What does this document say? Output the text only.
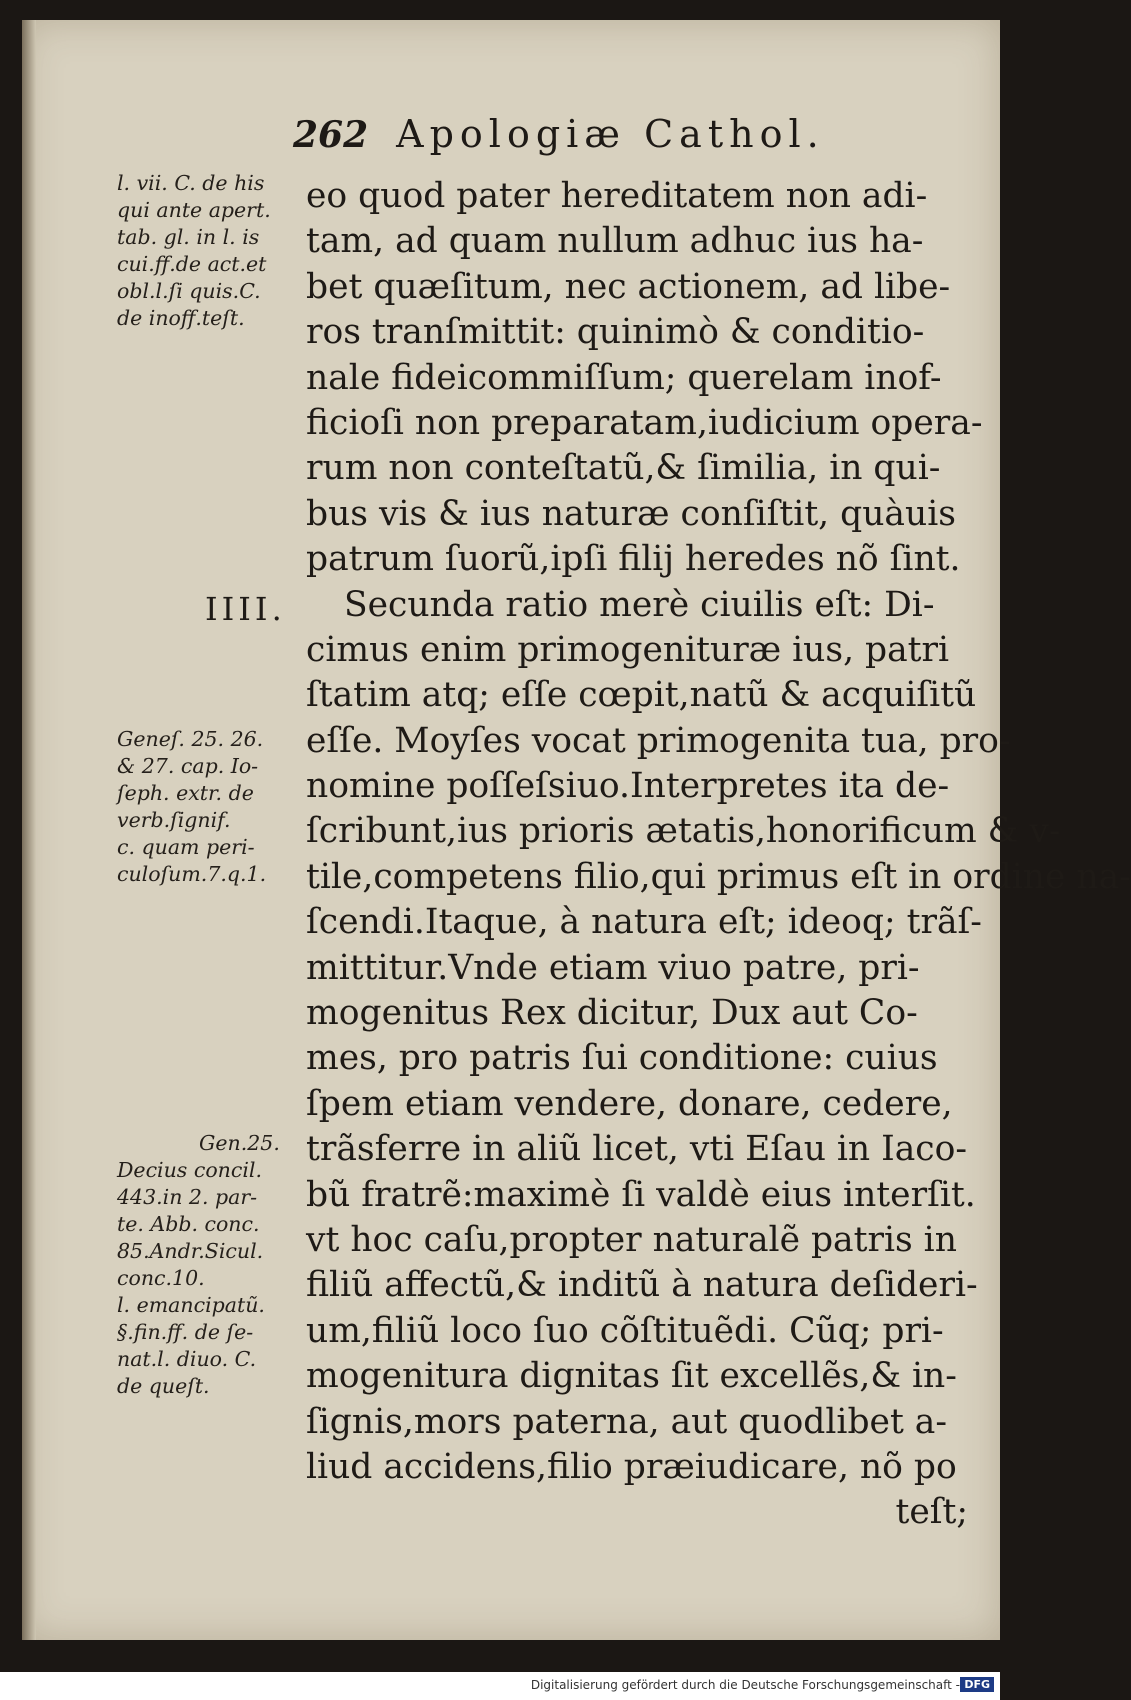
262 Apologiæ Cathol.
IIII.
l. vii. C. de his
qui ante apert.
tab. gl. in l. is
cui.ff.de act.et
obl.l.ſi quis.C.
de inoff.teſt.
Geneſ. 25. 26.
& 27. cap. Io-
ſeph. extr. de
verb.ſignif.
c. quam peri-
culoſum.7.q.1.
Gen.25.
Decius concil.
443.in 2. par-
te. Abb. conc.
85.Andr.Sicul.
conc.10.
l. emancipatũ.
§.fin.ff. de ſe-
nat.l. diuo. C.
de queſt.
eo quod pater hereditatem non adi-
tam, ad quam nullum adhuc ius ha-
bet quæſitum, nec actionem, ad libe-
ros tranſmittit: quinimò & conditio-
nale fideicommiſſum; querelam inof-
ficioſi non preparatam,iudicium opera-
rum non conteſtatũ,& ſimilia, in qui-
bus vis & ius naturæ conſiſtit, quàuis
patrum ſuorũ,ipſi filij heredes nõ ſint.
Secunda ratio merè ciuilis eſt: Di-
cimus enim primogenituræ ius, patri
ſtatim atq; eſſe cœpit,natũ & acquiſitũ
eſſe. Moyſes vocat primogenita tua, pro-
nomine poſſeſsiuo.Interpretes ita de-
ſcribunt,ius prioris ætatis,honorificum & v-
tile,competens filio,qui primus eſt in ordine na-
ſcendi.Itaque, à natura eſt; ideoq; trãſ-
mittitur.Vnde etiam viuo patre, pri-
mogenitus Rex dicitur, Dux aut Co-
mes, pro patris ſui conditione: cuius
ſpem etiam vendere, donare, cedere,
trãsferre in aliũ licet, vti Eſau in Iaco-
bũ fratrẽ:maximè ſi valdè eius interſit.
vt hoc caſu,propter naturalẽ patris in
filiũ affectũ,& inditũ à natura deſideri-
um,filiũ loco ſuo cõſtituẽdi. Cũq; pri-
mogenitura dignitas ſit excellẽs,& in-
ſignis,mors paterna, aut quodlibet a-
liud accidens,filio præiudicare, nõ po
teſt;
Digitalisierung gefördert durch die Deutsche Forschungsgemeinschaft - DFG
